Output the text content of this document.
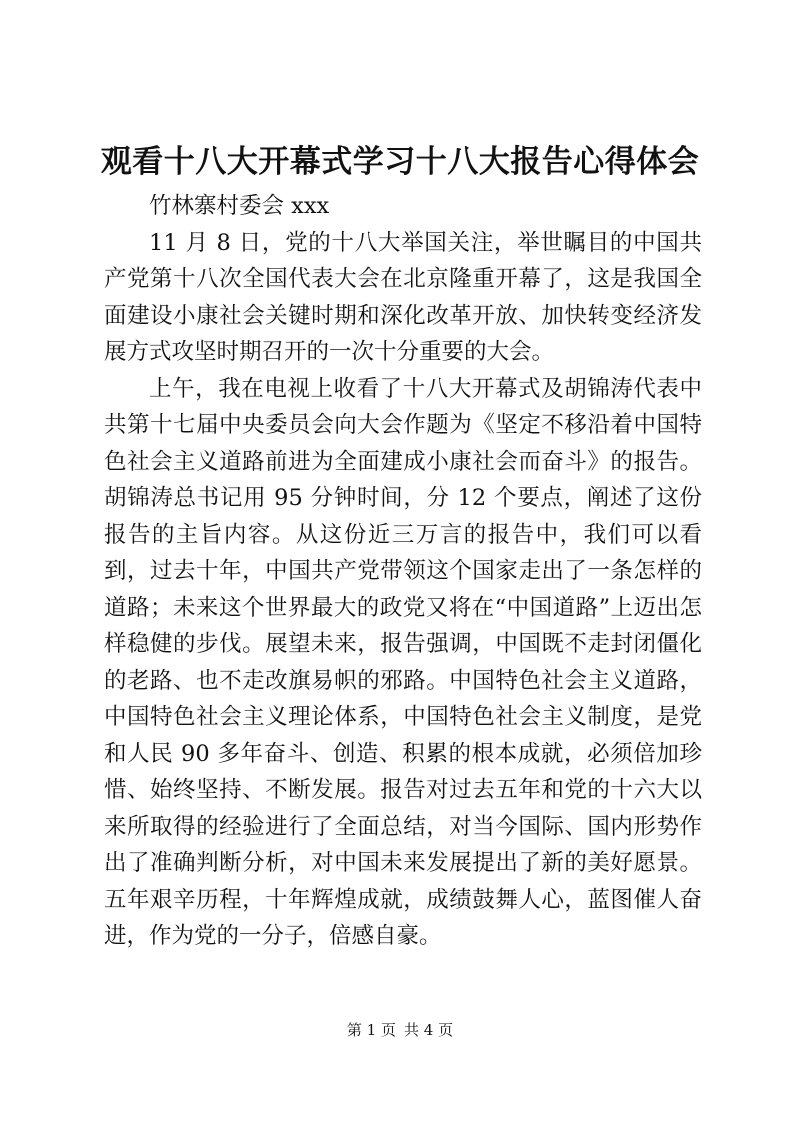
观看十八大开幕式学习十八大报告心得体会

竹林寨村委会 xxx

11 月 8 日，党的十八大举国关注，举世瞩目的中国共产党第十八次全国代表大会在北京隆重开幕了，这是我国全面建设小康社会关键时期和深化改革开放、加快转变经济发展方式攻坚时期召开的一次十分重要的大会。

上午，我在电视上收看了十八大开幕式及胡锦涛代表中共第十七届中央委员会向大会作题为《坚定不移沿着中国特色社会主义道路前进为全面建成小康社会而奋斗》的报告。胡锦涛总书记用 95 分钟时间，分 12 个要点，阐述了这份报告的主旨内容。从这份近三万言的报告中，我们可以看到，过去十年，中国共产党带领这个国家走出了一条怎样的道路；未来这个世界最大的政党又将在“中国道路”上迈出怎样稳健的步伐。展望未来，报告强调，中国既不走封闭僵化的老路、也不走改旗易帜的邪路。中国特色社会主义道路，中国特色社会主义理论体系，中国特色社会主义制度，是党和人民 90 多年奋斗、创造、积累的根本成就，必须倍加珍惜、始终坚持、不断发展。报告对过去五年和党的十六大以来所取得的经验进行了全面总结，对当今国际、国内形势作出了准确判断分析，对中国未来发展提出了新的美好愿景。五年艰辛历程，十年辉煌成就，成绩鼓舞人心，蓝图催人奋进，作为党的一分子，倍感自豪。

第 1 页 共 4 页
